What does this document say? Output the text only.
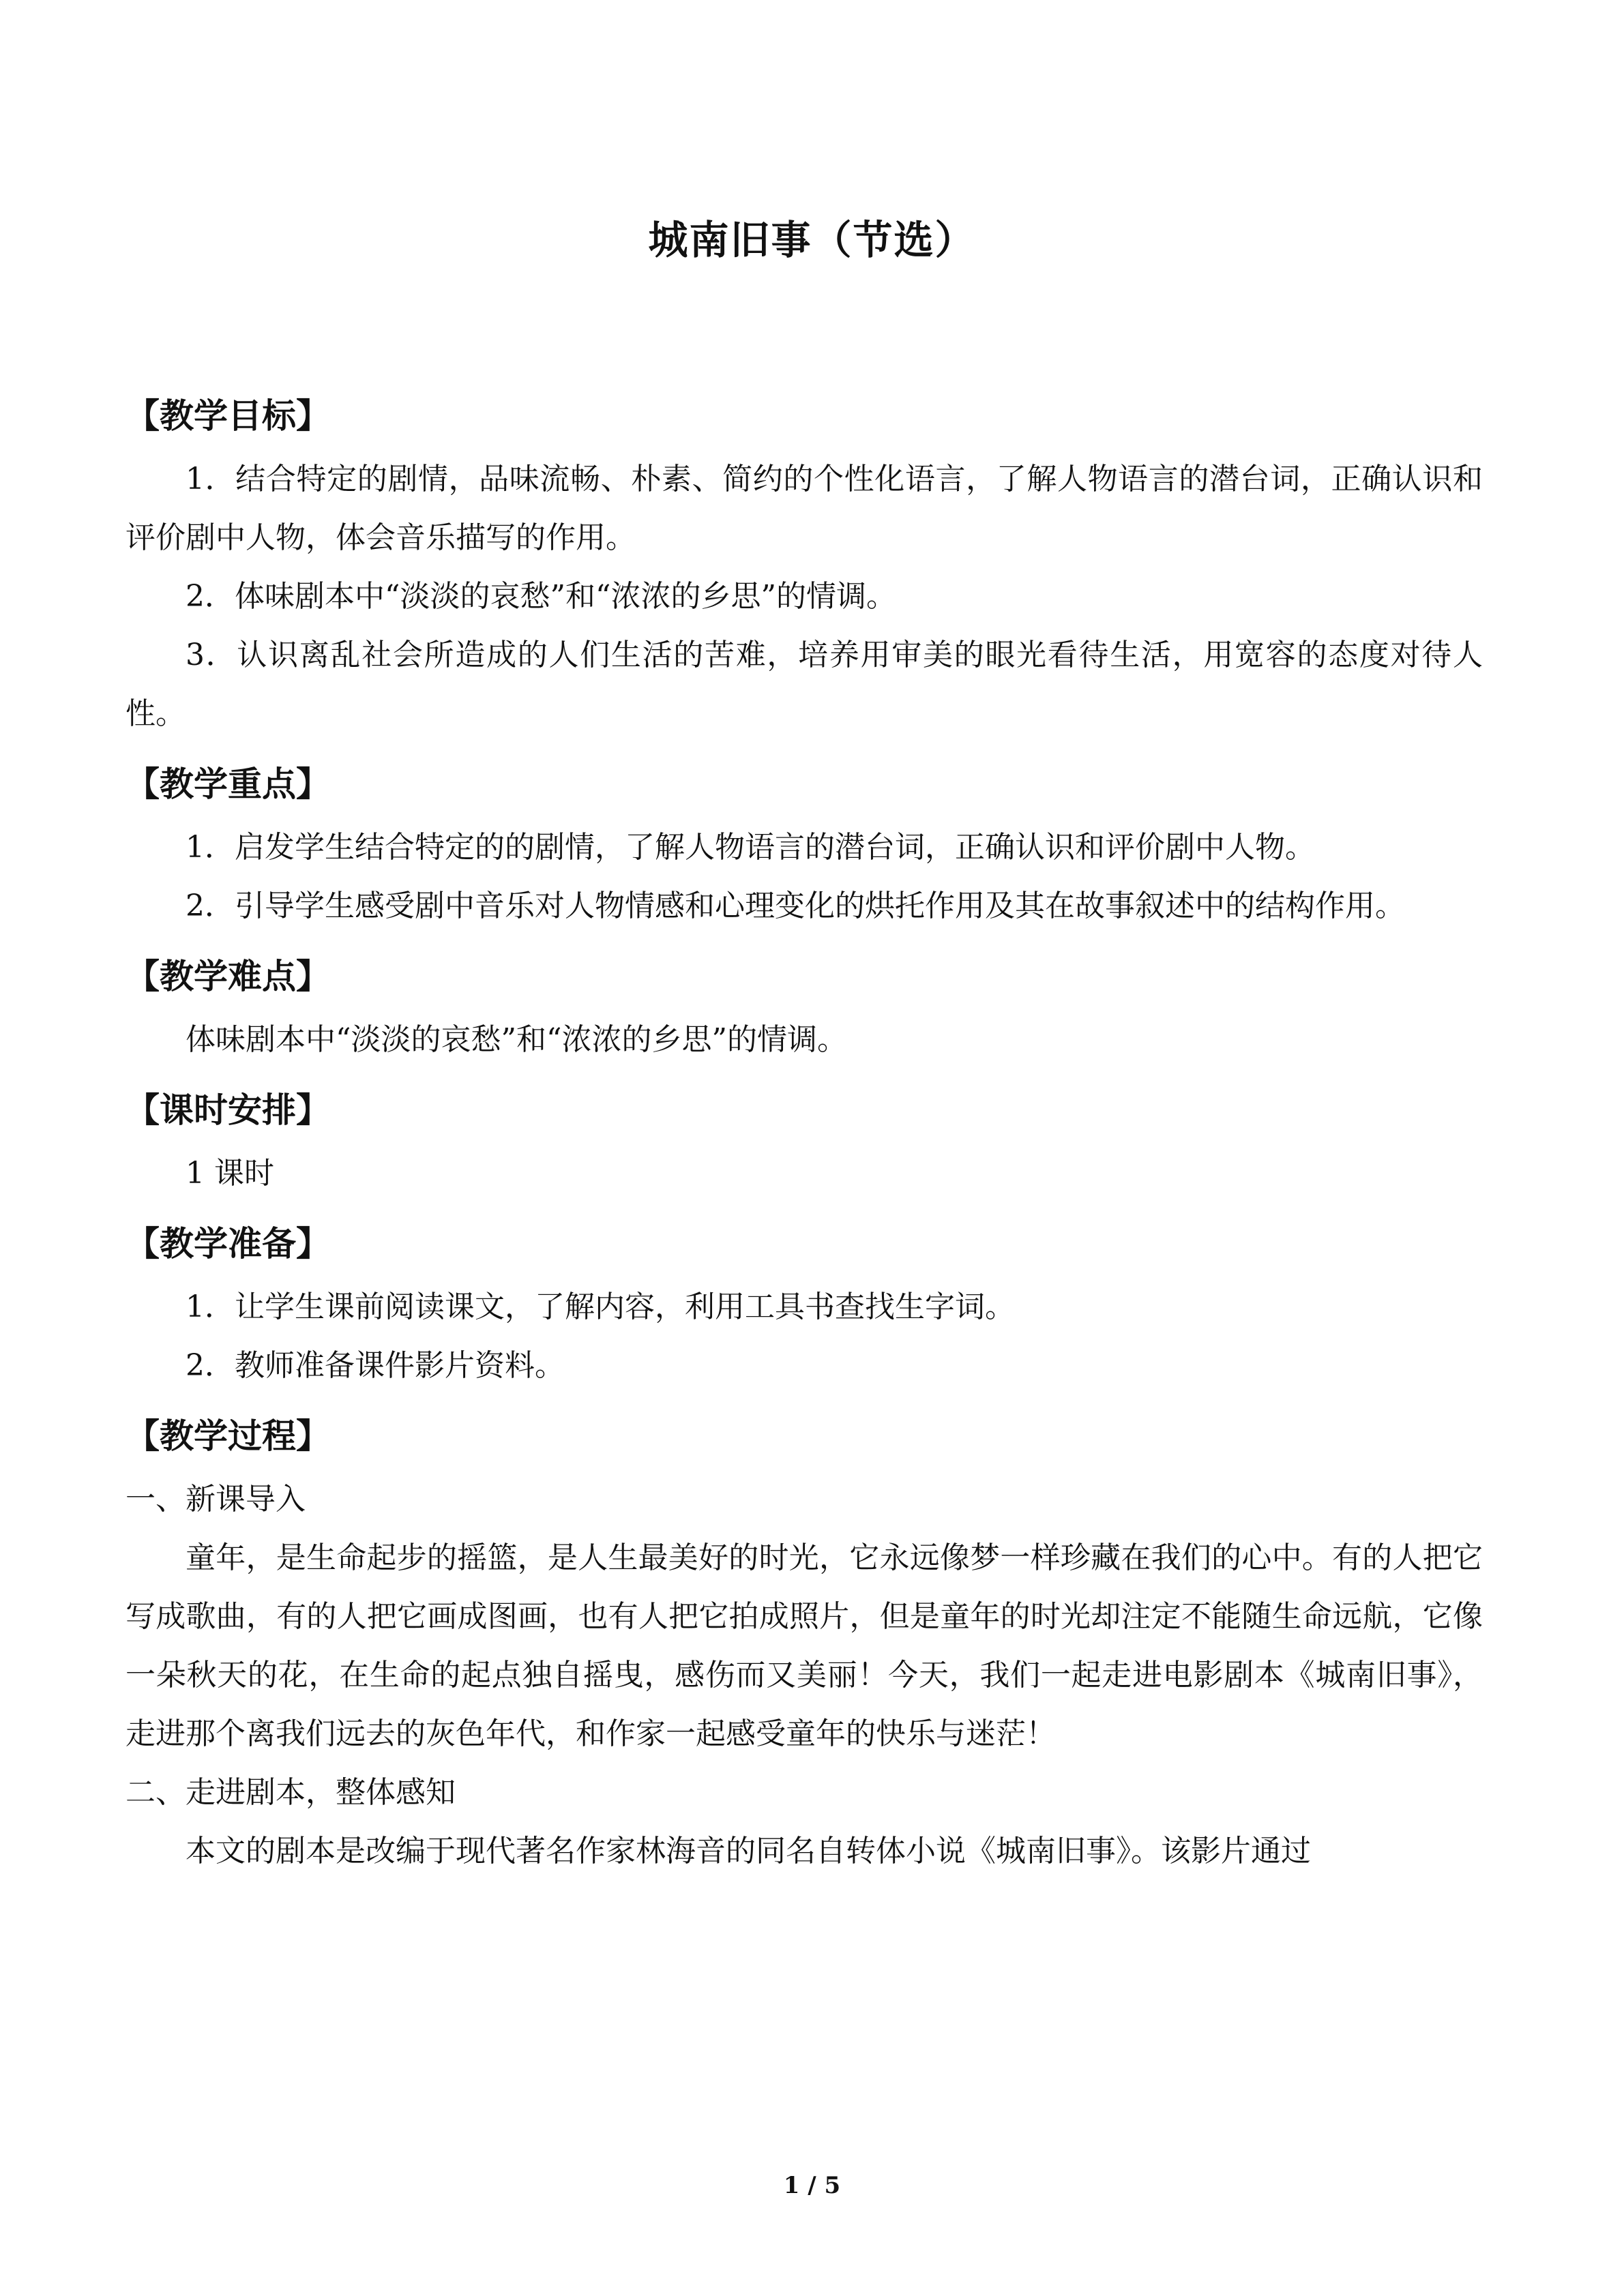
城南旧事（节选）
【教学目标】

1．结合特定的剧情，品味流畅、朴素、简约的个性化语言，了解人物语言的潜台词，正确认识和评价剧中人物，体会音乐描写的作用。

2．体味剧本中“淡淡的哀愁”和“浓浓的乡思”的情调。

3．认识离乱社会所造成的人们生活的苦难，培养用审美的眼光看待生活，用宽容的态度对待人性。

【教学重点】

1．启发学生结合特定的的剧情，了解人物语言的潜台词，正确认识和评价剧中人物。

2．引导学生感受剧中音乐对人物情感和心理变化的烘托作用及其在故事叙述中的结构作用。

【教学难点】

体味剧本中“淡淡的哀愁”和“浓浓的乡思”的情调。

【课时安排】

1 课时

【教学准备】

1．让学生课前阅读课文，了解内容，利用工具书查找生字词。

2．教师准备课件影片资料。

【教学过程】

一、新课导入

童年，是生命起步的摇篮，是人生最美好的时光，它永远像梦一样珍藏在我们的心中。有的人把它写成歌曲，有的人把它画成图画，也有人把它拍成照片，但是童年的时光却注定不能随生命远航，它像一朵秋天的花，在生命的起点独自摇曳，感伤而又美丽！今天，我们一起走进电影剧本《城南旧事》，走进那个离我们远去的灰色年代，和作家一起感受童年的快乐与迷茫！

二、走进剧本，整体感知

本文的剧本是改编于现代著名作家林海音的同名自转体小说《城南旧事》。该影片通过

1 / 5
